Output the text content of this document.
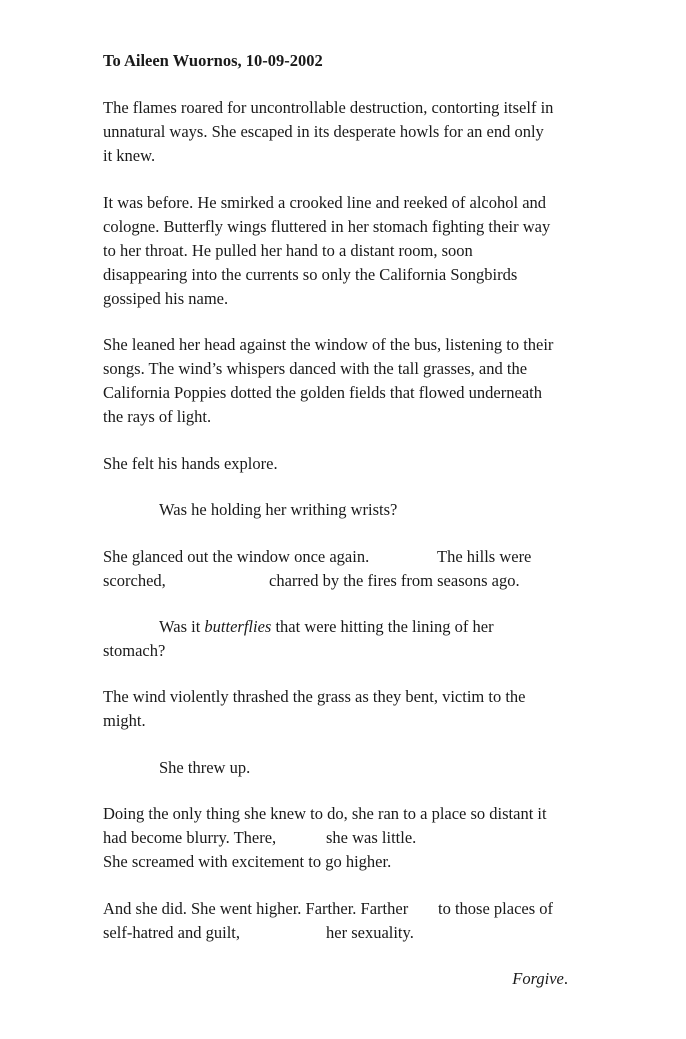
To Aileen Wuornos, 10-09-2002
The flames roared for uncontrollable destruction, contorting itself in
unnatural ways. She escaped in its desperate howls for an end only
it knew.
It was before. He smirked a crooked line and reeked of alcohol and
cologne. Butterfly wings fluttered in her stomach fighting their way
to her throat. He pulled her hand to a distant room, soon
disappearing into the currents so only the California Songbirds
gossiped his name.
She leaned her head against the window of the bus, listening to their
songs. The wind’s whispers danced with the tall grasses, and the
California Poppies dotted the golden fields that flowed underneath
the rays of light.
She felt his hands explore.
Was he holding her writhing wrists?
She glanced out the window once again.	The hills were
scorched,	charred by the fires from seasons ago.
Was it butterflies that were hitting the lining of her
stomach?
The wind violently thrashed the grass as they bent, victim to the
might.
She threw up.
Doing the only thing she knew to do, she ran to a place so distant it
had become blurry. There,	she was little.
She screamed with excitement to go higher.
And she did. She went higher. Farther. Farther to those places of
self-hatred and guilt,	her sexuality.
Forgive.
